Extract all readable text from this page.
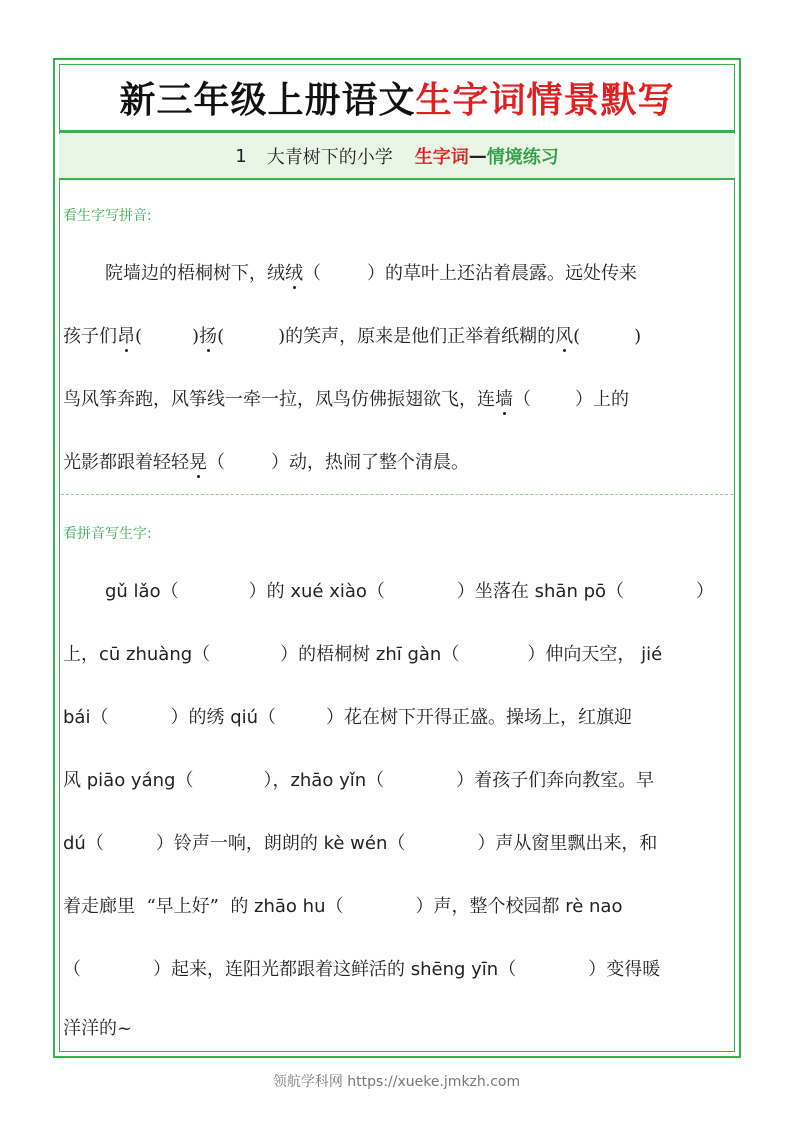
新三年级上册语文 生字词情景默写
1 大青树下的小学 生字词 — 情境练习
看生字写拼音:
院墙边的梧桐树下，绒绒（	）的草叶上还沾着晨露。远处传来
孩子们昂(	)扬(	)的笑声，原来是他们正举着纸糊的风(	)
鸟风筝奔跑，风筝线一牵一拉，凤鸟仿佛振翅欲飞，连墙（ ）上的
光影都跟着轻轻晃（	）动，热闹了整个清晨。
看拼音写生字:
gǔ lǎo（	）的 xué xiào（	）坐落在 shān pō（	）
上，cū zhuàng（	）的梧桐树 zhī gàn（	）伸向天空， jié
bái（	）的绣 qiú（	）花在树下开得正盛。操场上，红旗迎
风 piāo yáng（	），zhāo yǐn（	）着孩子们奔向教室。早
dú（	）铃声一响，朗朗的 kè wén（	）声从窗里飘出来，和
着走廊里 “早上好” 的 zhāo hu（	）声，整个校园都 rè nao
（	）起来，连阳光都跟着这鲜活的 shēng yīn（	）变得暖
洋洋的~
领航学科网 https://xueke.jmkzh.com
